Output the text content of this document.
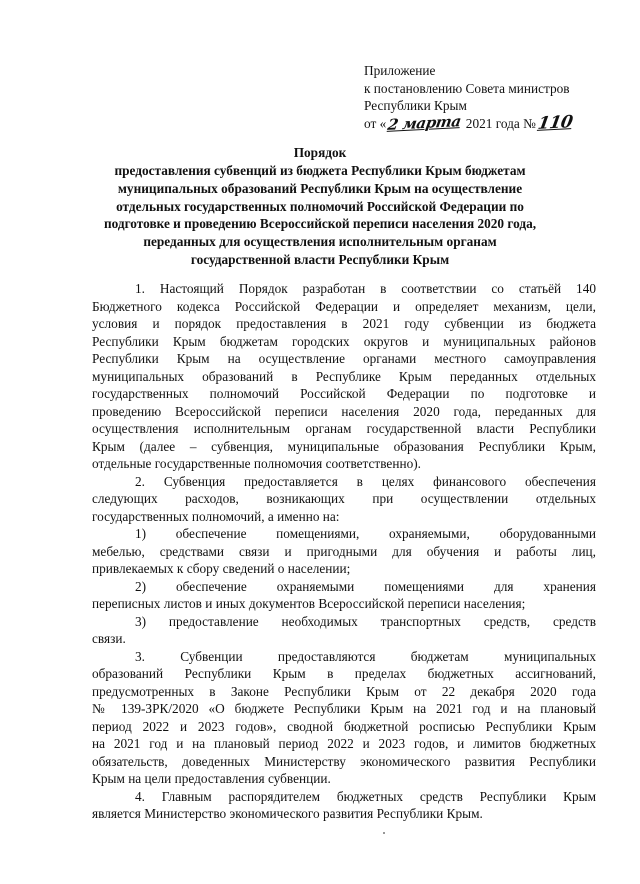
Приложение
к постановлению Совета министров
Республики Крым
от «2 марта 2021 года №110
Порядок
предоставления субвенций из бюджета Республики Крым бюджетам
муниципальных образований Республики Крым на осуществление
отдельных государственных полномочий Российской Федерации по
подготовке и проведению Всероссийской переписи населения 2020 года,
переданных для осуществления исполнительным органам
государственной власти Республики Крым
1. Настоящий Порядок разработан в соответствии со статьёй 140
Бюджетного кодекса Российской Федерации и определяет механизм, цели,
условия и порядок предоставления в 2021 году субвенции из бюджета
Республики Крым бюджетам городских округов и муниципальных районов
Республики Крым на осуществление органами местного самоуправления
муниципальных образований в Республике Крым переданных отдельных
государственных полномочий Российской Федерации по подготовке и
проведению Всероссийской переписи населения 2020 года, переданных для
осуществления исполнительным органам государственной власти Республики
Крым (далее – субвенция, муниципальные образования Республики Крым,
отдельные государственные полномочия соответственно).
2. Субвенция предоставляется в целях финансового обеспечения
следующих расходов, возникающих при осуществлении отдельных
государственных полномочий, а именно на:
1) обеспечение помещениями, охраняемыми, оборудованными
мебелью, средствами связи и пригодными для обучения и работы лиц,
привлекаемых к сбору сведений о населении;
2) обеспечение охраняемыми помещениями для хранения
переписных листов и иных документов Всероссийской переписи населения;
3) предоставление необходимых транспортных средств, средств
связи.
3. Субвенции предоставляются бюджетам муниципальных
образований Республики Крым в пределах бюджетных ассигнований,
предусмотренных в Законе Республики Крым от 22 декабря 2020 года
№ 139-ЗРК/2020 «О бюджете Республики Крым на 2021 год и на плановый
период 2022 и 2023 годов», сводной бюджетной росписью Республики Крым
на 2021 год и на плановый период 2022 и 2023 годов, и лимитов бюджетных
обязательств, доведенных Министерству экономического развития Республики
Крым на цели предоставления субвенции.
4. Главным распорядителем бюджетных средств Республики Крым
является Министерство экономического развития Республики Крым.
